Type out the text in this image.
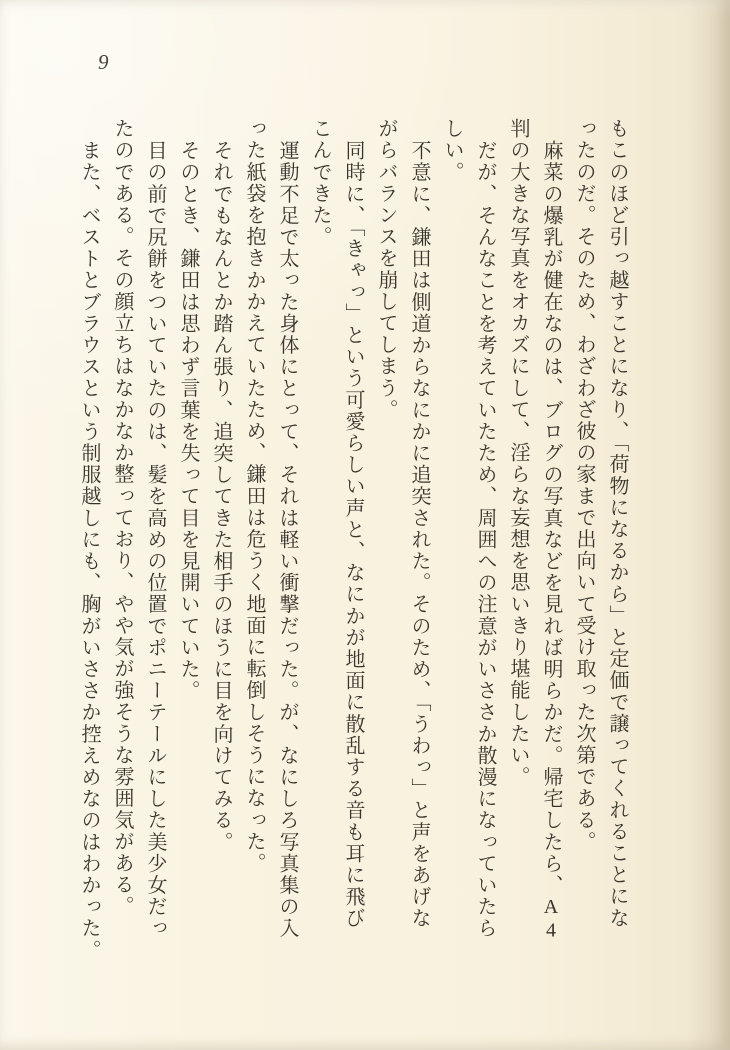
9
もこのほど引っ越すことになり、「荷物になるから」と定価で譲ってくれることにな
ったのだ。そのため、わざわざ彼の家まで出向いて受け取った次第である。
麻菜の爆乳が健在なのは、ブログの写真などを見れば明らかだ。帰宅したら、A4
判の大きな写真をオカズにして、淫らな妄想を思いきり堪能したい。
だが、そんなことを考えていたため、周囲への注意がいささか散漫になっていたら
しい。
不意に、鎌田は側道からなにかに追突された。そのため、「うわっ」と声をあげな
がらバランスを崩してしまう。
同時に、「きゃっ」という可愛らしい声と、なにかが地面に散乱する音も耳に飛び
こんできた。
運動不足で太った身体にとって、それは軽い衝撃だった。が、なにしろ写真集の入
った紙袋を抱きかかえていたため、鎌田は危うく地面に転倒しそうになった。
それでもなんとか踏ん張り、追突してきた相手のほうに目を向けてみる。
そのとき、鎌田は思わず言葉を失って目を見開いていた。
目の前で尻餅をついていたのは、髪を高めの位置でポニーテールにした美少女だっ
たのである。その顔立ちはなかなか整っており、やや気が強そうな雰囲気がある。
また、ベストとブラウスという制服越しにも、胸がいささか控えめなのはわかった。
